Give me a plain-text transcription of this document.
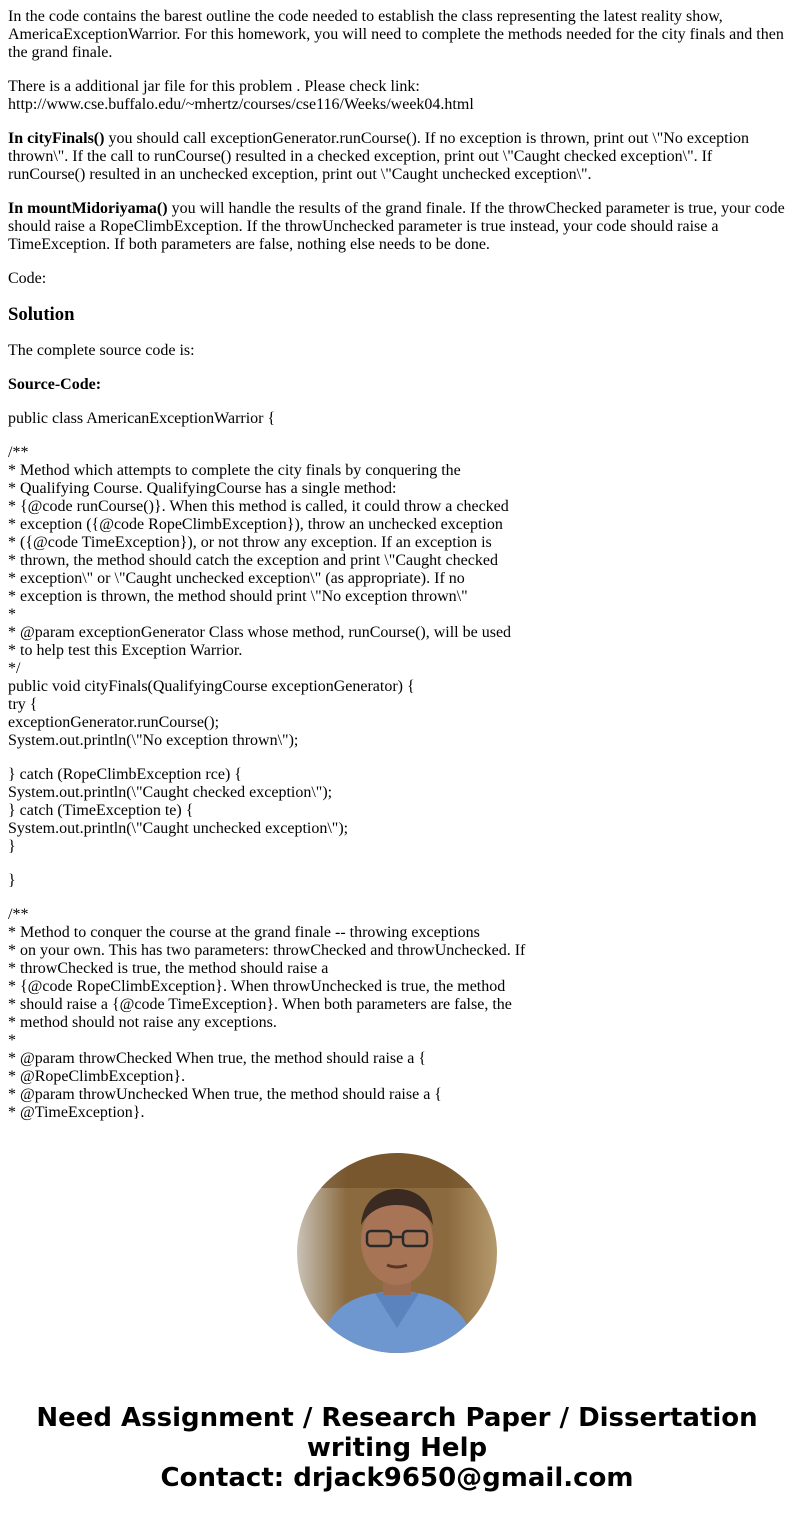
In the code contains the barest outline the code needed to establish the class representing the latest reality show, AmericaExceptionWarrior. For this homework, you will need to complete the methods needed for the city finals and then the grand finale.

There is a additional jar file for this problem . Please check link:
http://www.cse.buffalo.edu/~mhertz/courses/cse116/Weeks/week04.html

In cityFinals() you should call exceptionGenerator.runCourse(). If no exception is thrown, print out \"No exception thrown\". If the call to runCourse() resulted in a checked exception, print out \"Caught checked exception\". If runCourse() resulted in an unchecked exception, print out \"Caught unchecked exception\".

In mountMidoriyama() you will handle the results of the grand finale. If the throwChecked parameter is true, your code should raise a RopeClimbException. If the throwUnchecked parameter is true instead, your code should raise a TimeException. If both parameters are false, nothing else needs to be done.

Code:

Solution

The complete source code is:

Source-Code:

public class AmericanExceptionWarrior {

/**
* Method which attempts to complete the city finals by conquering the
* Qualifying Course. QualifyingCourse has a single method:
* {@code runCourse()}. When this method is called, it could throw a checked
* exception ({@code RopeClimbException}), throw an unchecked exception
* ({@code TimeException}), or not throw any exception. If an exception is
* thrown, the method should catch the exception and print \"Caught checked
* exception\" or \"Caught unchecked exception\" (as appropriate). If no
* exception is thrown, the method should print \"No exception thrown\"
*
* @param exceptionGenerator Class whose method, runCourse(), will be used
* to help test this Exception Warrior.
*/
public void cityFinals(QualifyingCourse exceptionGenerator) {
try {
exceptionGenerator.runCourse();
System.out.println(\"No exception thrown\");

} catch (RopeClimbException rce) {
System.out.println(\"Caught checked exception\");
} catch (TimeException te) {
System.out.println(\"Caught unchecked exception\");
}

}

/**
* Method to conquer the course at the grand finale -- throwing exceptions
* on your own. This has two parameters: throwChecked and throwUnchecked. If
* throwChecked is true, the method should raise a
* {@code RopeClimbException}. When throwUnchecked is true, the method
* should raise a {@code TimeException}. When both parameters are false, the
* method should not raise any exceptions.
*
* @param throwChecked When true, the method should raise a {
* @RopeClimbException}.
* @param throwUnchecked When true, the method should raise a {
* @TimeException}.

Need Assignment / Research Paper / Dissertation
writing Help
Contact: drjack9650@gmail.com
